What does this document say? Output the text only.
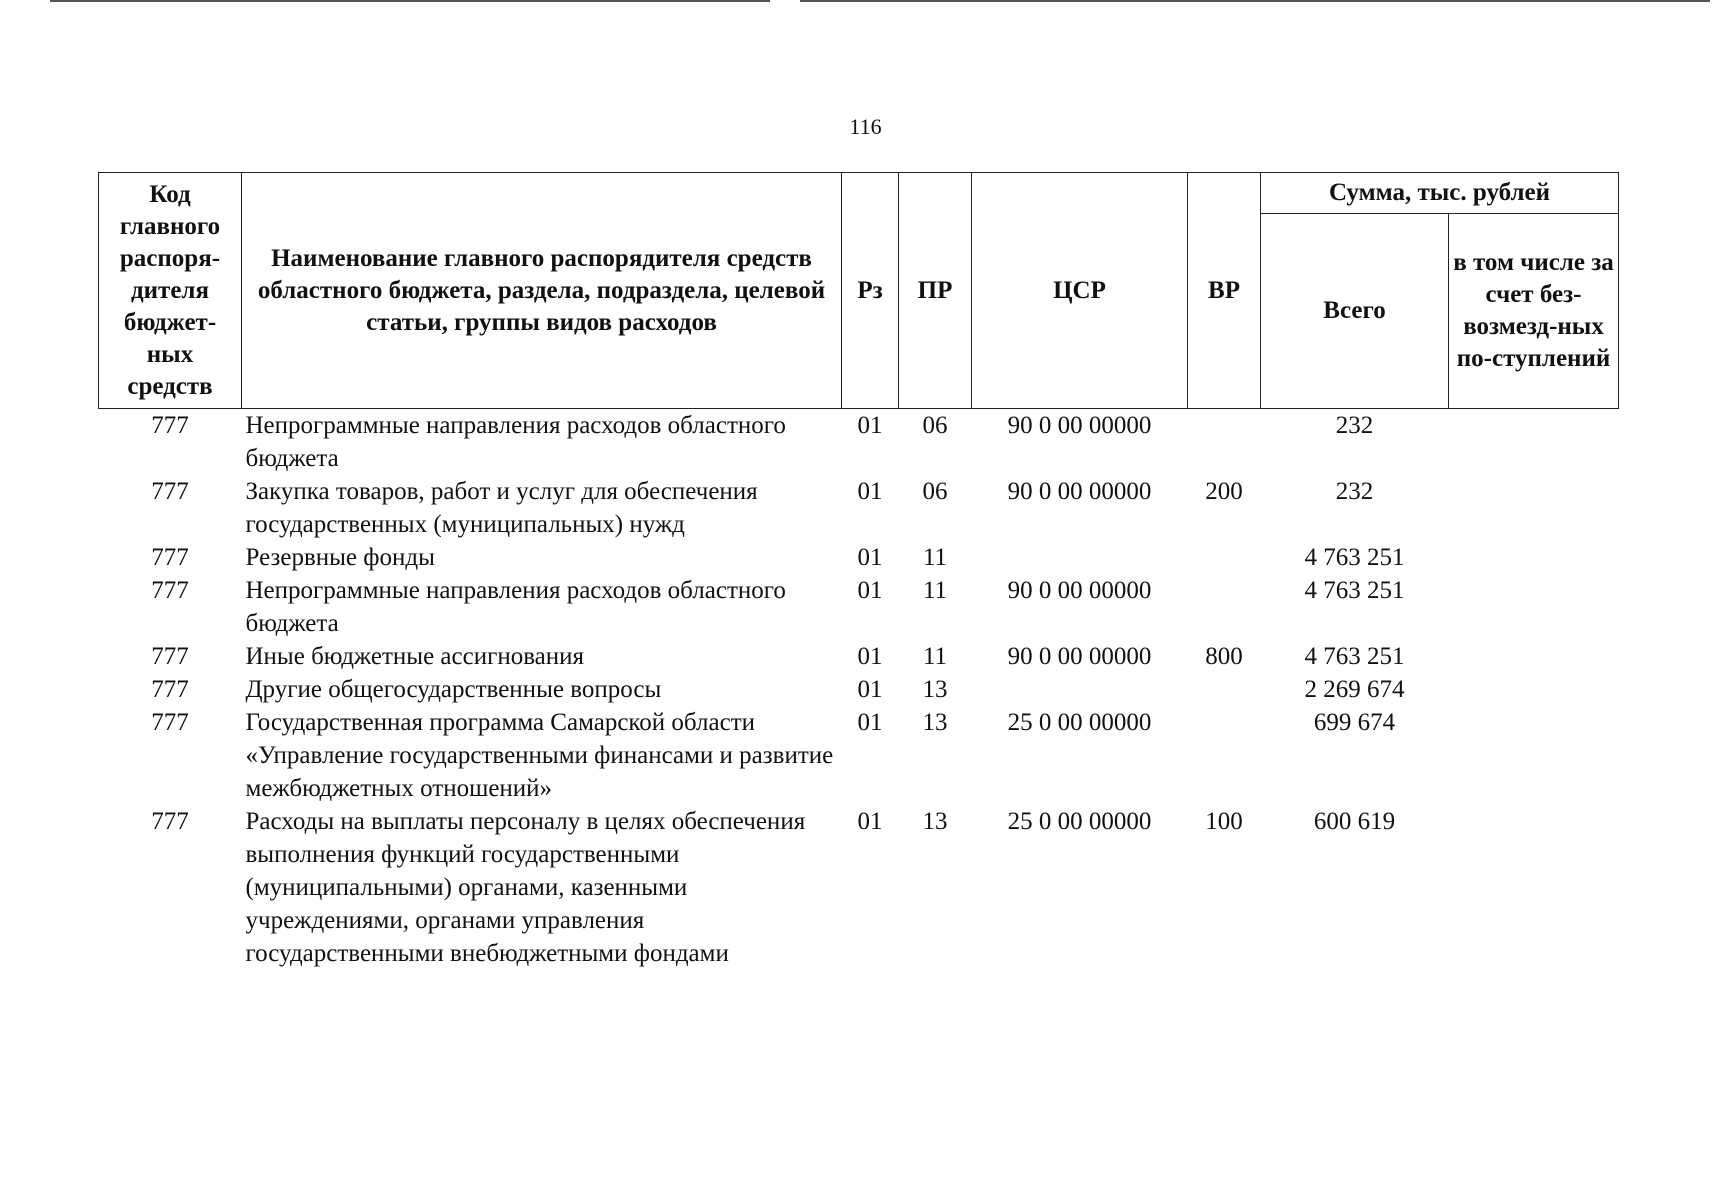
116
Код главного распоря-дителя бюджет-ных средств	Наименование главного распорядителя средств областного бюджета, раздела, подраздела, целевой статьи, группы видов расходов	Рз	ПР	ЦСР	ВР	Сумма, тыс. рублей	
						Всего	в том числе за счет без-возмезд-ных по-ступлений
777	Непрограммные направления расходов областного бюджета	01	06	90 0 00 00000		232	
777	Закупка товаров, работ и услуг для обеспечения государственных (муниципальных) нужд	01	06	90 0 00 00000	200	232	
777	Резервные фонды	01	11			4 763 251	
777	Непрограммные направления расходов областного бюджета	01	11	90 0 00 00000		4 763 251	
777	Иные бюджетные ассигнования	01	11	90 0 00 00000	800	4 763 251	
777	Другие общегосударственные вопросы	01	13			2 269 674	
777	Государственная программа Самарской области «Управление государственными финансами и развитие межбюджетных отношений»	01	13	25 0 00 00000		699 674	
777	Расходы на выплаты персоналу в целях обеспечения выполнения функций государственными (муниципальными) органами, казенными учреждениями, органами управления государственными внебюджетными фондами	01	13	25 0 00 00000	100	600 619	
